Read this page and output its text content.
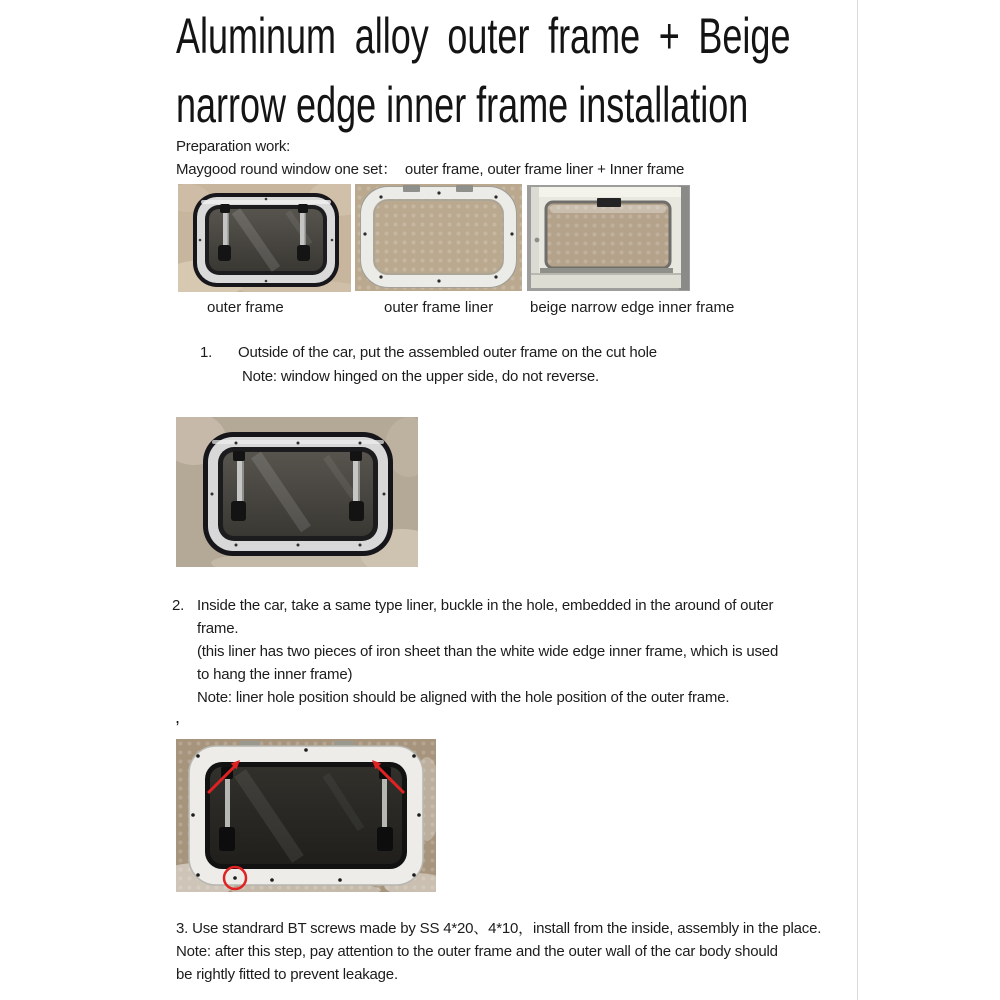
Aluminum alloy outer frame + Beige
narrow edge inner frame installation
Preparation work:
Maygood round window one set：  outer frame, outer frame liner + Inner frame
outer frame	outer frame liner beige narrow edge inner frame
1. Outside of the car, put the assembled outer frame on the cut hole
Note: window hinged on the upper side, do not reverse.
2. Inside the car, take a same type liner, buckle in the hole, embedded in the around of outer
frame.
(this liner has two pieces of iron sheet than the white wide edge inner frame, which is used
to hang the inner frame)
Note: liner hole position should be aligned with the hole position of the outer frame.
,
3. Use standrard BT screws made by SS 4*20、4*10，install from the inside, assembly in the place.
Note: after this step, pay attention to the outer frame and the outer wall of the car body should
be rightly fitted to prevent leakage.
